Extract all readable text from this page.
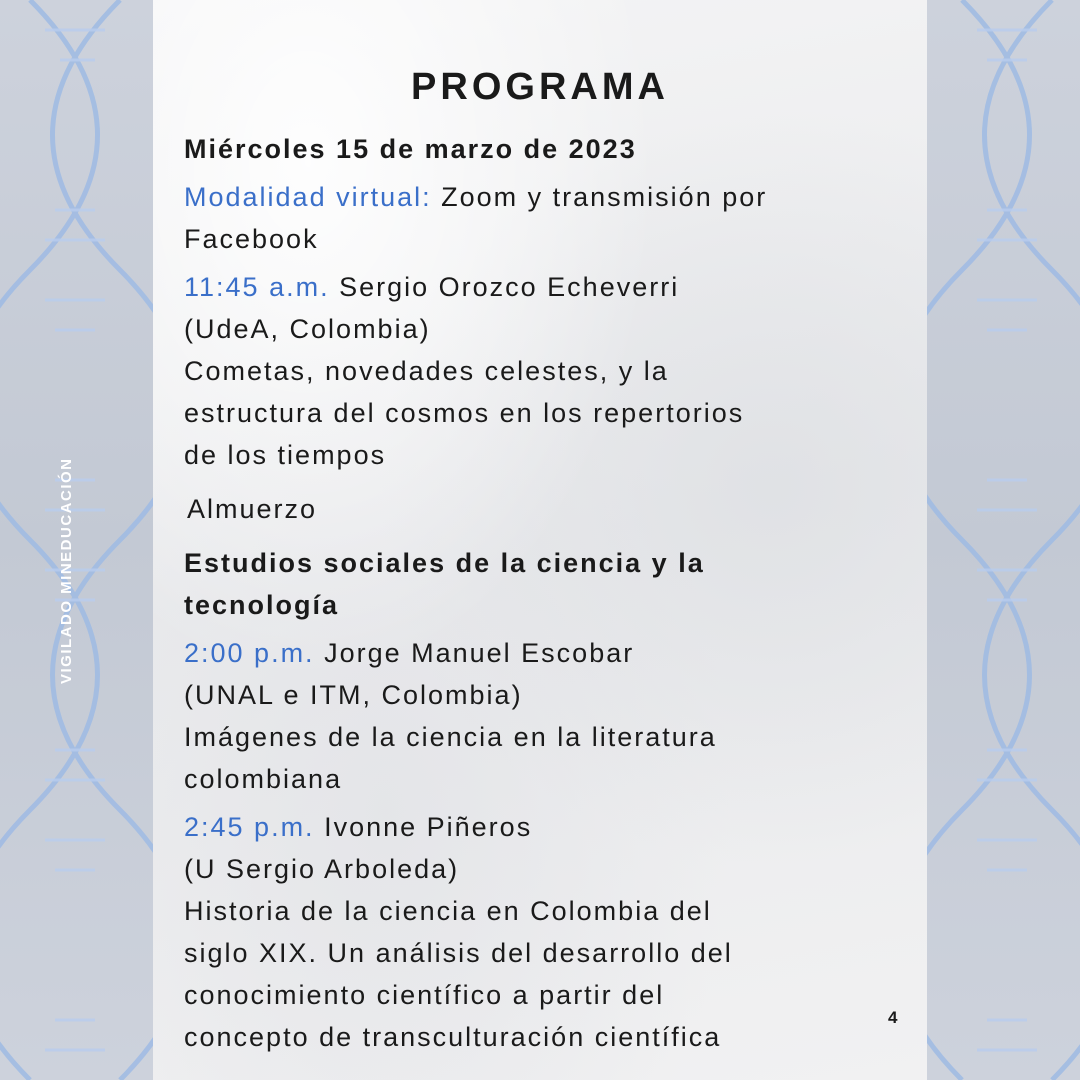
VIGILADO MINEDUCACIÓN
PROGRAMA

Miércoles 15 de marzo de 2023

Modalidad virtual: Zoom y transmisión por

Facebook

11:45 a.m. Sergio Orozco Echeverri

(UdeA, Colombia)

Cometas, novedades celestes, y la

estructura del cosmos en los repertorios

de los tiempos

Almuerzo

Estudios sociales de la ciencia y la

tecnología

2:00 p.m. Jorge Manuel Escobar

(UNAL e ITM, Colombia)

Imágenes de la ciencia en la literatura

colombiana

2:45 p.m. Ivonne Piñeros

(U Sergio Arboleda)

Historia de la ciencia en Colombia del

siglo XIX. Un análisis del desarrollo del

conocimiento científico a partir del

concepto de transculturación científica

4
